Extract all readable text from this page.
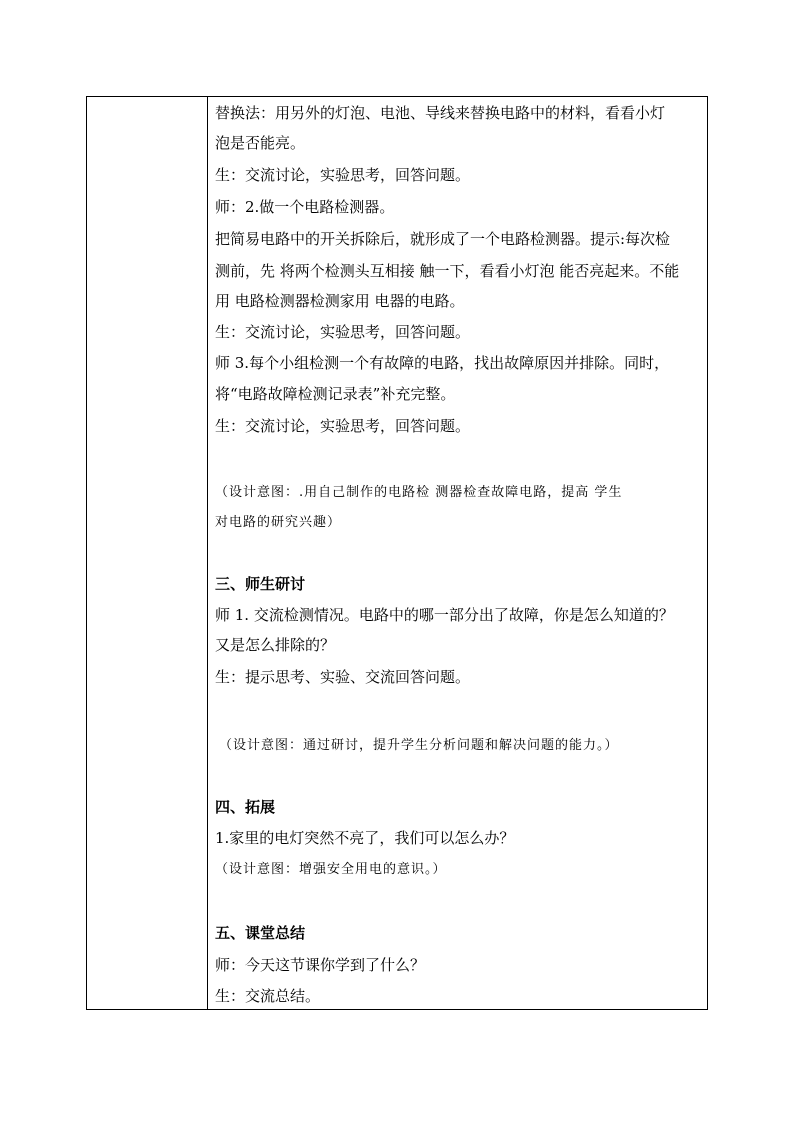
替换法：用另外的灯泡、电池、导线来替换电路中的材料，看看小灯
泡是否能亮。
生：交流讨论，实验思考，回答问题。
师：2.做一个电路检测器。
把简易电路中的开关拆除后，就形成了一个电路检测器。提示:每次检
测前，先 将两个检测头互相接 触一下，看看小灯泡 能否亮起来。不能
用 电路检测器检测家用 电器的电路。
生：交流讨论，实验思考，回答问题。
师 3.每个小组检测一个有故障的电路，找出故障原因并排除。同时，
将“电路故障检测记录表”补充完整。
生：交流讨论，实验思考，回答问题。
（设计意图：.用自己制作的电路检 测器检查故障电路，提高 学生
对电路的研究兴趣）
三、师生研讨
师 1. 交流检测情况。电路中的哪一部分出了故障，你是怎么知道的？
又是怎么排除的？
生：提示思考、实验、交流回答问题。
（设计意图：通过研讨，提升学生分析问题和解决问题的能力。）
四、拓展
1.家里的电灯突然不亮了，我们可以怎么办？
（设计意图：增强安全用电的意识。）
五、课堂总结
师：今天这节课你学到了什么？
生：交流总结。
